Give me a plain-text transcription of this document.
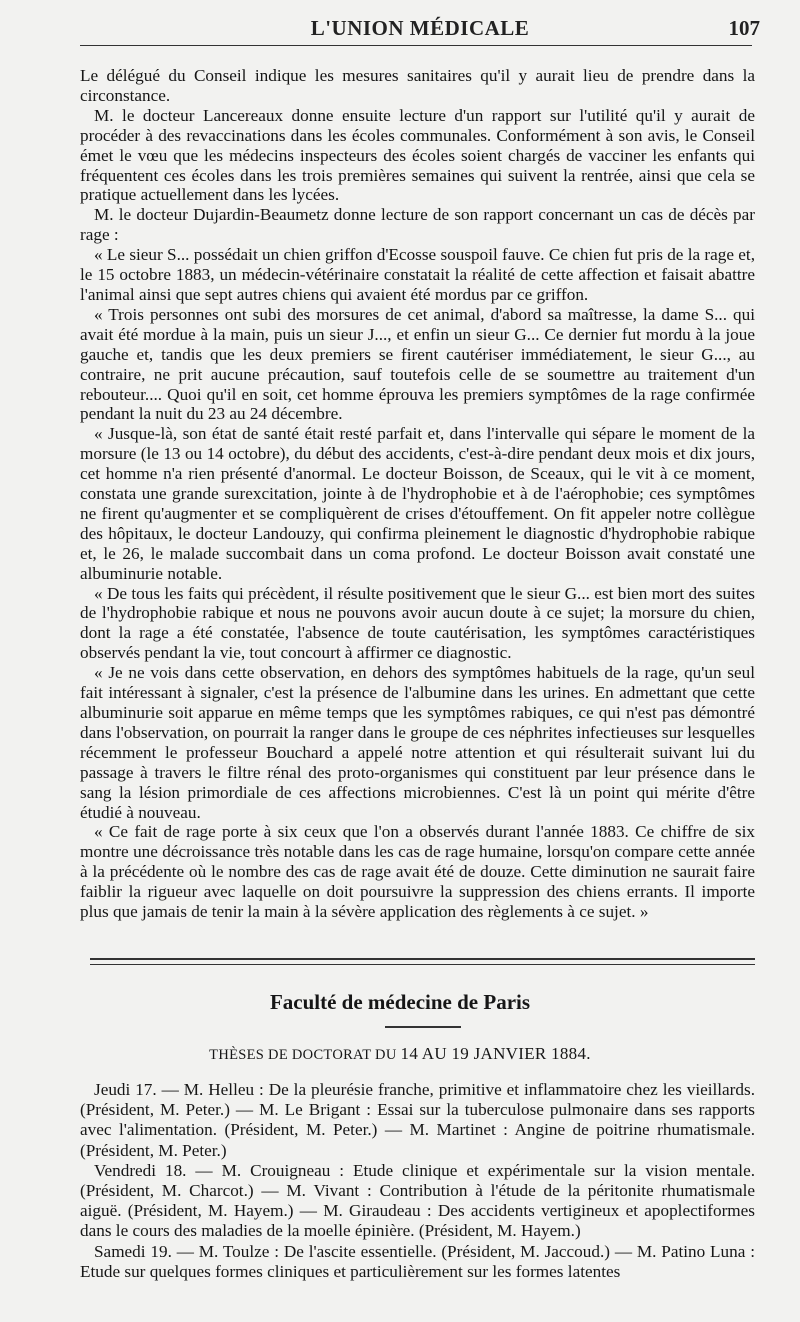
L'UNION MÉDICALE	107

Le délégué du Conseil indique les mesures sanitaires qu'il y aurait lieu de prendre dans la circonstance.

M. le docteur Lancereaux donne ensuite lecture d'un rapport sur l'utilité qu'il y aurait de procéder à des revaccinations dans les écoles communales. Conformément à son avis, le Conseil émet le vœu que les médecins inspecteurs des écoles soient chargés de vacciner les enfants qui fréquentent ces écoles dans les trois premières semaines qui suivent la rentrée, ainsi que cela se pratique actuellement dans les lycées.

M. le docteur Dujardin-Beaumetz donne lecture de son rapport concernant un cas de décès par rage :

« Le sieur S... possédait un chien griffon d'Ecosse souspoil fauve. Ce chien fut pris de la rage et, le 15 octobre 1883, un médecin-vétérinaire constatait la réalité de cette affection et faisait abattre l'animal ainsi que sept autres chiens qui avaient été mordus par ce griffon.

« Trois personnes ont subi des morsures de cet animal, d'abord sa maîtresse, la dame S... qui avait été mordue à la main, puis un sieur J..., et enfin un sieur G... Ce dernier fut mordu à la joue gauche et, tandis que les deux premiers se firent cautériser immédiatement, le sieur G..., au contraire, ne prit aucune précaution, sauf toutefois celle de se soumettre au traitement d'un rebouteur.... Quoi qu'il en soit, cet homme éprouva les premiers symptômes de la rage confirmée pendant la nuit du 23 au 24 décembre.

« Jusque-là, son état de santé était resté parfait et, dans l'intervalle qui sépare le moment de la morsure (le 13 ou 14 octobre), du début des accidents, c'est-à-dire pendant deux mois et dix jours, cet homme n'a rien présenté d'anormal. Le docteur Boisson, de Sceaux, qui le vit à ce moment, constata une grande surexcitation, jointe à de l'hydrophobie et à de l'aérophobie; ces symptômes ne firent qu'augmenter et se compliquèrent de crises d'étouffement. On fit appeler notre collègue des hôpitaux, le docteur Landouzy, qui confirma pleinement le diagnostic d'hydrophobie rabique et, le 26, le malade succombait dans un coma profond. Le docteur Boisson avait constaté une albuminurie notable.

« De tous les faits qui précèdent, il résulte positivement que le sieur G... est bien mort des suites de l'hydrophobie rabique et nous ne pouvons avoir aucun doute à ce sujet; la morsure du chien, dont la rage a été constatée, l'absence de toute cautérisation, les symptômes caractéristiques observés pendant la vie, tout concourt à affirmer ce diagnostic.

« Je ne vois dans cette observation, en dehors des symptômes habituels de la rage, qu'un seul fait intéressant à signaler, c'est la présence de l'albumine dans les urines. En admettant que cette albuminurie soit apparue en même temps que les symptômes rabiques, ce qui n'est pas démontré dans l'observation, on pourrait la ranger dans le groupe de ces néphrites infectieuses sur lesquelles récemment le professeur Bouchard a appelé notre attention et qui résulterait suivant lui du passage à travers le filtre rénal des proto-organismes qui constituent par leur présence dans le sang la lésion primordiale de ces affections microbiennes. C'est là un point qui mérite d'être étudié à nouveau.

« Ce fait de rage porte à six ceux que l'on a observés durant l'année 1883. Ce chiffre de six montre une décroissance très notable dans les cas de rage humaine, lorsqu'on compare cette année à la précédente où le nombre des cas de rage avait été de douze. Cette diminution ne saurait faire faiblir la rigueur avec laquelle on doit poursuivre la suppression des chiens errants. Il importe plus que jamais de tenir la main à la sévère application des règlements à ce sujet. »

Faculté de médecine de Paris
THÈSES DE DOCTORAT DU 14 AU 19 JANVIER 1884.

Jeudi 17. — M. Helleu : De la pleurésie franche, primitive et inflammatoire chez les vieillards. (Président, M. Peter.) — M. Le Brigant : Essai sur la tuberculose pulmonaire dans ses rapports avec l'alimentation. (Président, M. Peter.) — M. Martinet : Angine de poitrine rhumatismale. (Président, M. Peter.)

Vendredi 18. — M. Crouigneau : Etude clinique et expérimentale sur la vision mentale. (Président, M. Charcot.) — M. Vivant : Contribution à l'étude de la péritonite rhumatismale aiguë. (Président, M. Hayem.) — M. Giraudeau : Des accidents vertigineux et apoplectiformes dans le cours des maladies de la moelle épinière. (Président, M. Hayem.)

Samedi 19. — M. Toulze : De l'ascite essentielle. (Président, M. Jaccoud.) — M. Patino Luna : Etude sur quelques formes cliniques et particulièrement sur les formes latentes
